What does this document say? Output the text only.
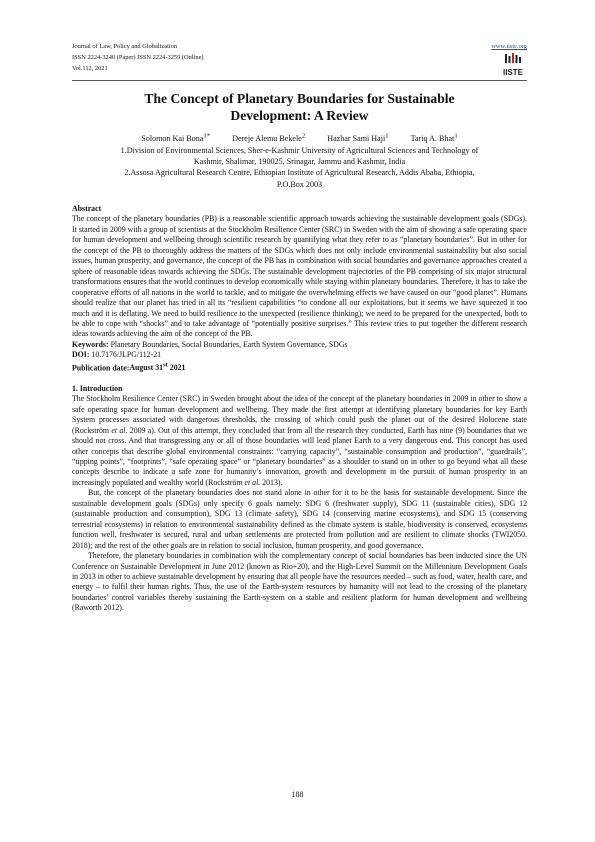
Journal of Law, Policy and Globalization
ISSN 2224-3240 (Paper) ISSN 2224-3259 (Online)
Vol.112, 2021
www.iiste.org
IISTE
The Concept of Planetary Boundaries for Sustainable
Development: A Review
Solomon Kai Bona$^{1*}$	Dereje Alemu Bekele$^2$	Hazhar Sami Haji$^1$	Tariq A. Bhat$^1$
1.Division of Environmental Sciences, Sher-e-Kashmir University of Agricultural Sciences and Technology of
Kashmir, Shalimar, 190025, Srinagar, Jammu and Kashmir, India
2.Assosa Agricultural Research Centre, Ethiopian Institute of Agricultural Research, Addis Ababa, Ethiopia,
P.O.Box 2003

Abstract

The concept of the planetary boundaries (PB) is a reasonable scientific approach towards achieving the sustainable development goals (SDGs). It started in 2009 with a group of scientists at the Stockholm Resilience Center (SRC) in Sweden with the aim of showing a safe operating space for human development and wellbeing through scientific research by quantifying what they refer to as “planetary boundaries”. But in other for the concept of the PB to thoroughly address the matters of the SDGs which does not only include environmental sustainability but also social issues, human prosperity, and governance, the concept of the PB has in combination with social boundaries and governance approaches created a sphere of reasonable ideas towards achieving the SDGs. The sustainable development trajectories of the PB comprising of six major structural transformations ensures that the world continues to develop economically while staying within planetary boundaries. Therefore, it has to take the cooperative efforts of all nations in the world to tackle, and to mitigate the overwhelming effects we have caused on our “good planet”. Humans should realize that our planet has tried in all its “resilient capabilities “to condone all our exploitations, but it seems we have squeezed it too much and it is deflating. We need to build resilience to the unexpected (resilience thinking); we need to be prepared for the unexpected, both to be able to cope with “shocks” and to take advantage of “potentially positive surprises.” This review tries to put together the different research ideas towards achieving the aim of the concept of the PB.

Keywords: Planetary Boundaries, Social Boundaries, Earth System Governance, SDGs

DOI: 10.7176/JLPG/112-21

Publication date:August 31st 2021

1. Introduction

The Stockholm Resilience Center (SRC) in Sweden brought about the idea of the concept of the planetary boundaries in 2009 in other to show a safe operating space for human development and wellbeing. They made the first attempt at identifying planetary boundaries for key Earth System processes associated with dangerous thresholds, the crossing of which could push the planet out of the desired Holocene state (Rockström et al. 2009 a). Out of this attempt, they concluded that from all the research they conducted, Earth has nine (9) boundaries that we should not cross. And that transgressing any or all of those boundaries will lead planet Earth to a very dangerous end. This concept has used other concepts that describe global environmental constraints: “carrying capacity”, “sustainable consumption and production”, “guardrails”, “tipping points”, “footprints”, “safe operating space” or “planetary boundaries” as a shoulder to stand on in other to go beyond what all these concepts describe to indicate a safe zone for humanity’s innovation, growth and development in the pursuit of human prosperity in an increasingly populated and wealthy world (Rockström et al. 2013).

But, the concept of the planetary boundaries does not stand alone in other for it to be the basis for sustainable development. Since the sustainable development goals (SDGs) only specify 6 goals namely: SDG 6 (freshwater supply), SDG 11 (sustainable cities), SDG 12 (sustainable production and consumption), SDG 13 (climate safety), SDG 14 (conserving marine ecosystems), and SDG 15 (conserving terrestrial ecosystems) in relation to environmental sustainability defined as the climate system is stable, biodiversity is conserved, ecosystems function well, freshwater is secured, rural and urban settlements are protected from pollution and are resilient to climate shocks (TWI2050. 2018); and the rest of the other goals are in relation to social inclusion, human prosperity, and good governance.

Therefore, the planetary boundaries in combination with the complementary concept of social boundaries has been inducted since the UN Conference on Sustainable Development in June 2012 (known as Rio+20), and the High-Level Summit on the Millennium Development Goals in 2013 in other to achieve sustainable development by ensuring that all people have the resources needed – such as food, water, health care, and energy – to fulfil their human rights. Thus, the use of the Earth-system resources by humanity will not lead to the crossing of the planetary boundaries’ control variables thereby sustaining the Earth-system on a stable and resilient platform for human development and wellbeing (Raworth 2012).

188
